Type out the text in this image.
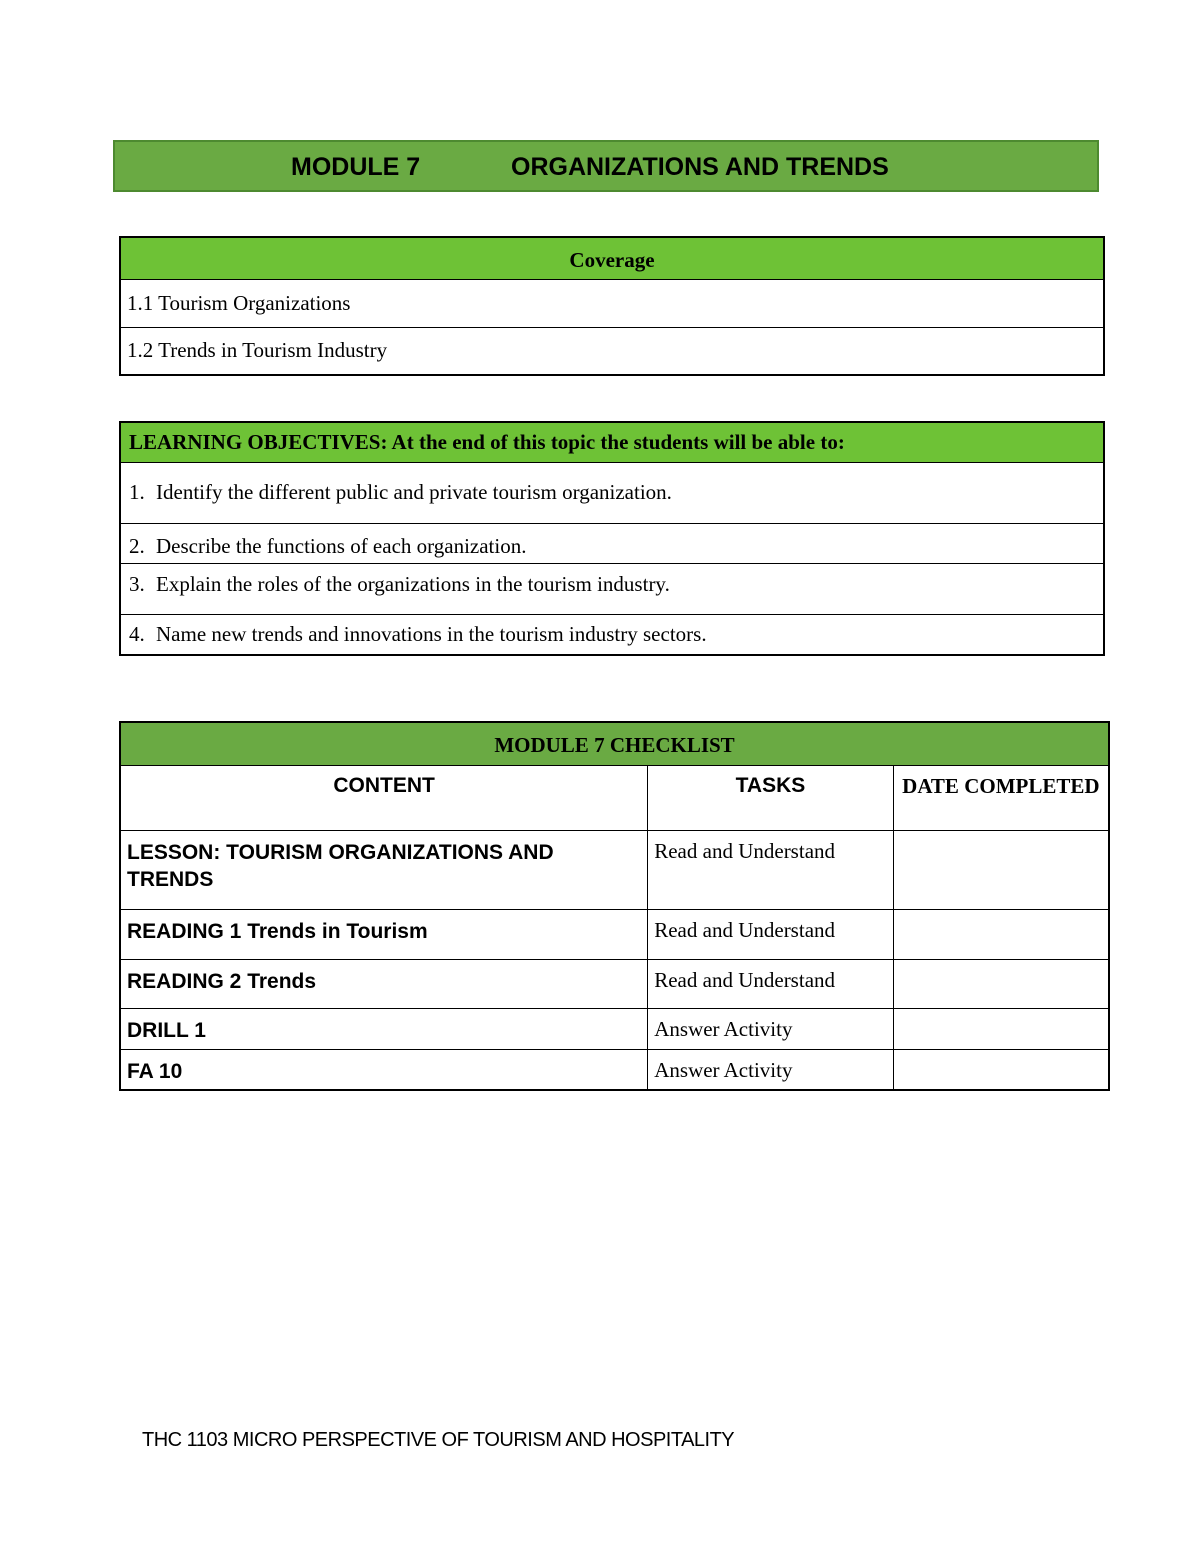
MODULE 7	ORGANIZATIONS AND TRENDS
Coverage
1.1 Tourism Organizations
1.2 Trends in Tourism Industry
LEARNING OBJECTIVES: At the end of this topic the students will be able to:
1. Identify the different public and private tourism organization.
2. Describe the functions of each organization.
3. Explain the roles of the organizations in the tourism industry.
4. Name new trends and innovations in the tourism industry sectors.
MODULE 7 CHECKLIST		
CONTENT	TASKS	DATE COMPLETED
LESSON: TOURISM ORGANIZATIONS AND TRENDS	Read and Understand	
READING 1 Trends in Tourism	Read and Understand	
READING 2 Trends	Read and Understand	
DRILL 1	Answer Activity	
FA 10	Answer Activity	
THC 1103 MICRO PERSPECTIVE OF TOURISM AND HOSPITALITY
